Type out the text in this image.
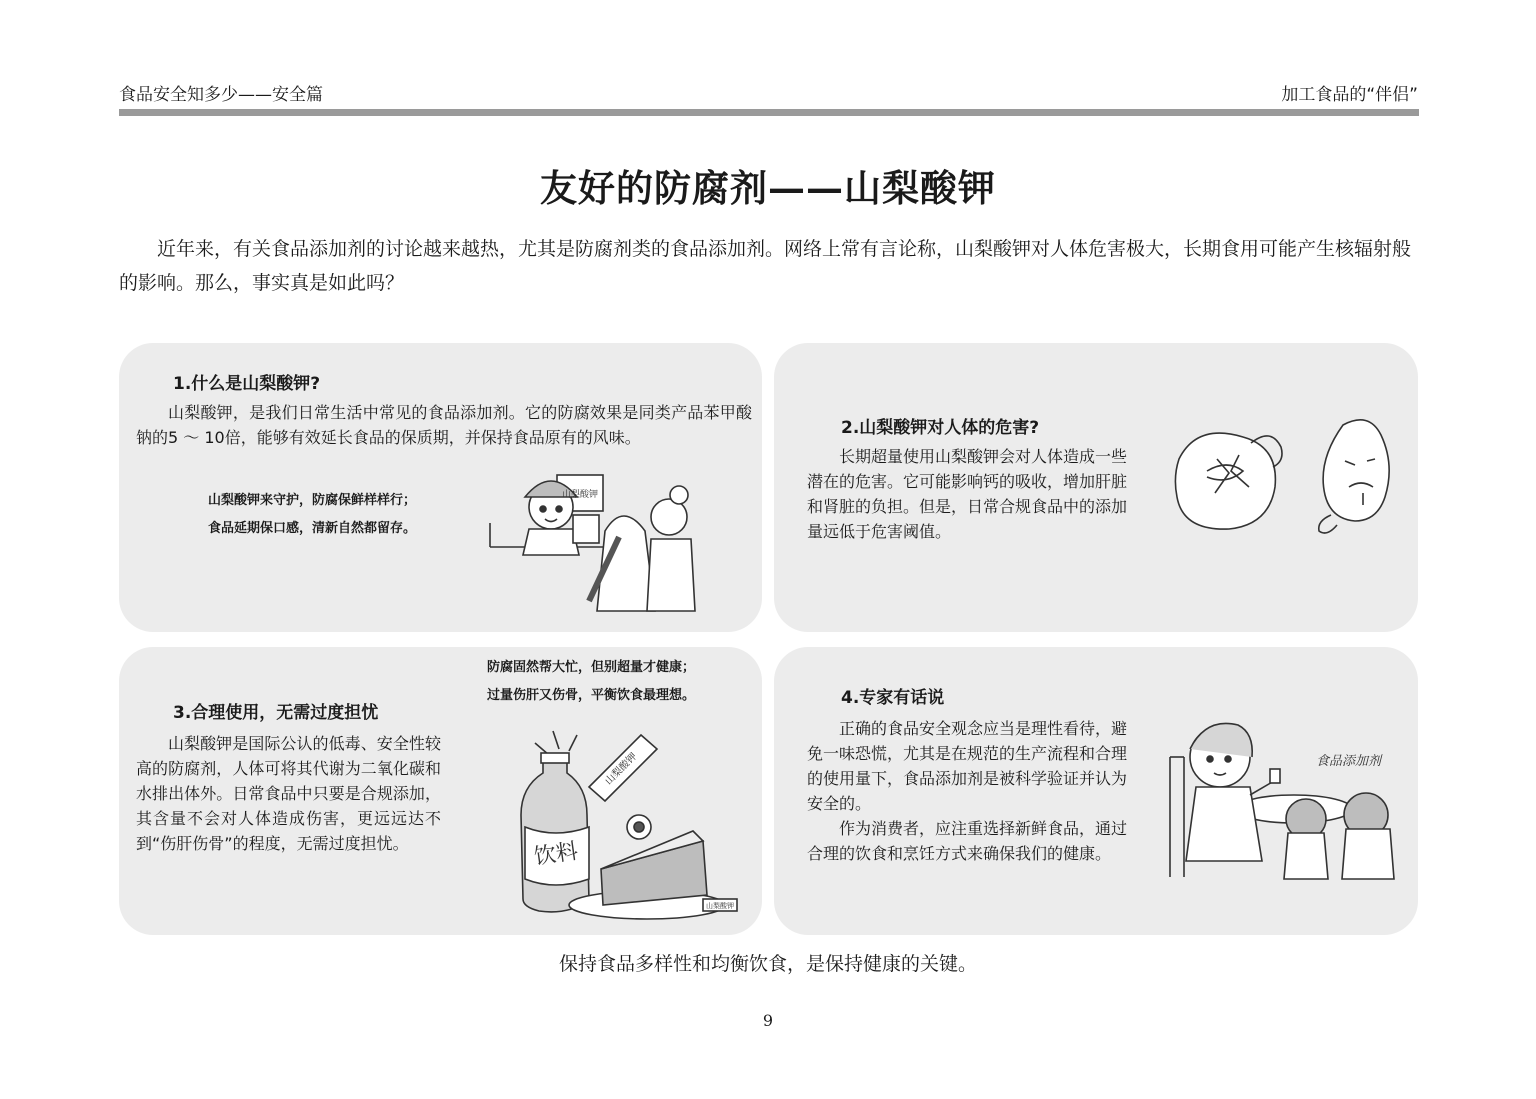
食品安全知多少——安全篇	加工食品的“伴侣”
友好的防腐剂——山梨酸钾
近年来，有关食品添加剂的讨论越来越热，尤其是防腐剂类的食品添加剂。网络上常有言论称，山梨酸钾对人体危害极大，长期食用可能产生核辐射般的影响。那么，事实真是如此吗？
1.什么是山梨酸钾?
山梨酸钾，是我们日常生活中常见的食品添加剂。它的防腐效果是同类产品苯甲酸钠的5 ～ 10倍，能够有效延长食品的保质期，并保持食品原有的风味。
山梨酸钾来守护，防腐保鲜样样行；
食品延期保口感，清新自然都留存。
山梨酸钾
2.山梨酸钾对人体的危害?
长期超量使用山梨酸钾会对人体造成一些潜在的危害。它可能影响钙的吸收，增加肝脏和肾脏的负担。但是，日常合规食品中的添加量远低于危害阈值。
3.合理使用，无需过度担忧
山梨酸钾是国际公认的低毒、安全性较高的防腐剂，人体可将其代谢为二氧化碳和水排出体外。日常食品中只要是合规添加，其含量不会对人体造成伤害，更远远达不到“伤肝伤骨”的程度，无需过度担忧。
防腐固然帮大忙，但别超量才健康；
过量伤肝又伤骨，平衡饮食最理想。
饮料
山梨酸钾
山梨酸钾
4.专家有话说
正确的食品安全观念应当是理性看待，避免一味恐慌，尤其是在规范的生产流程和合理的使用量下，食品添加剂是被科学验证并认为安全的。
作为消费者，应注重选择新鲜食品，通过合理的饮食和烹饪方式来确保我们的健康。
食品添加剂
保持食品多样性和均衡饮食，是保持健康的关键。
9
